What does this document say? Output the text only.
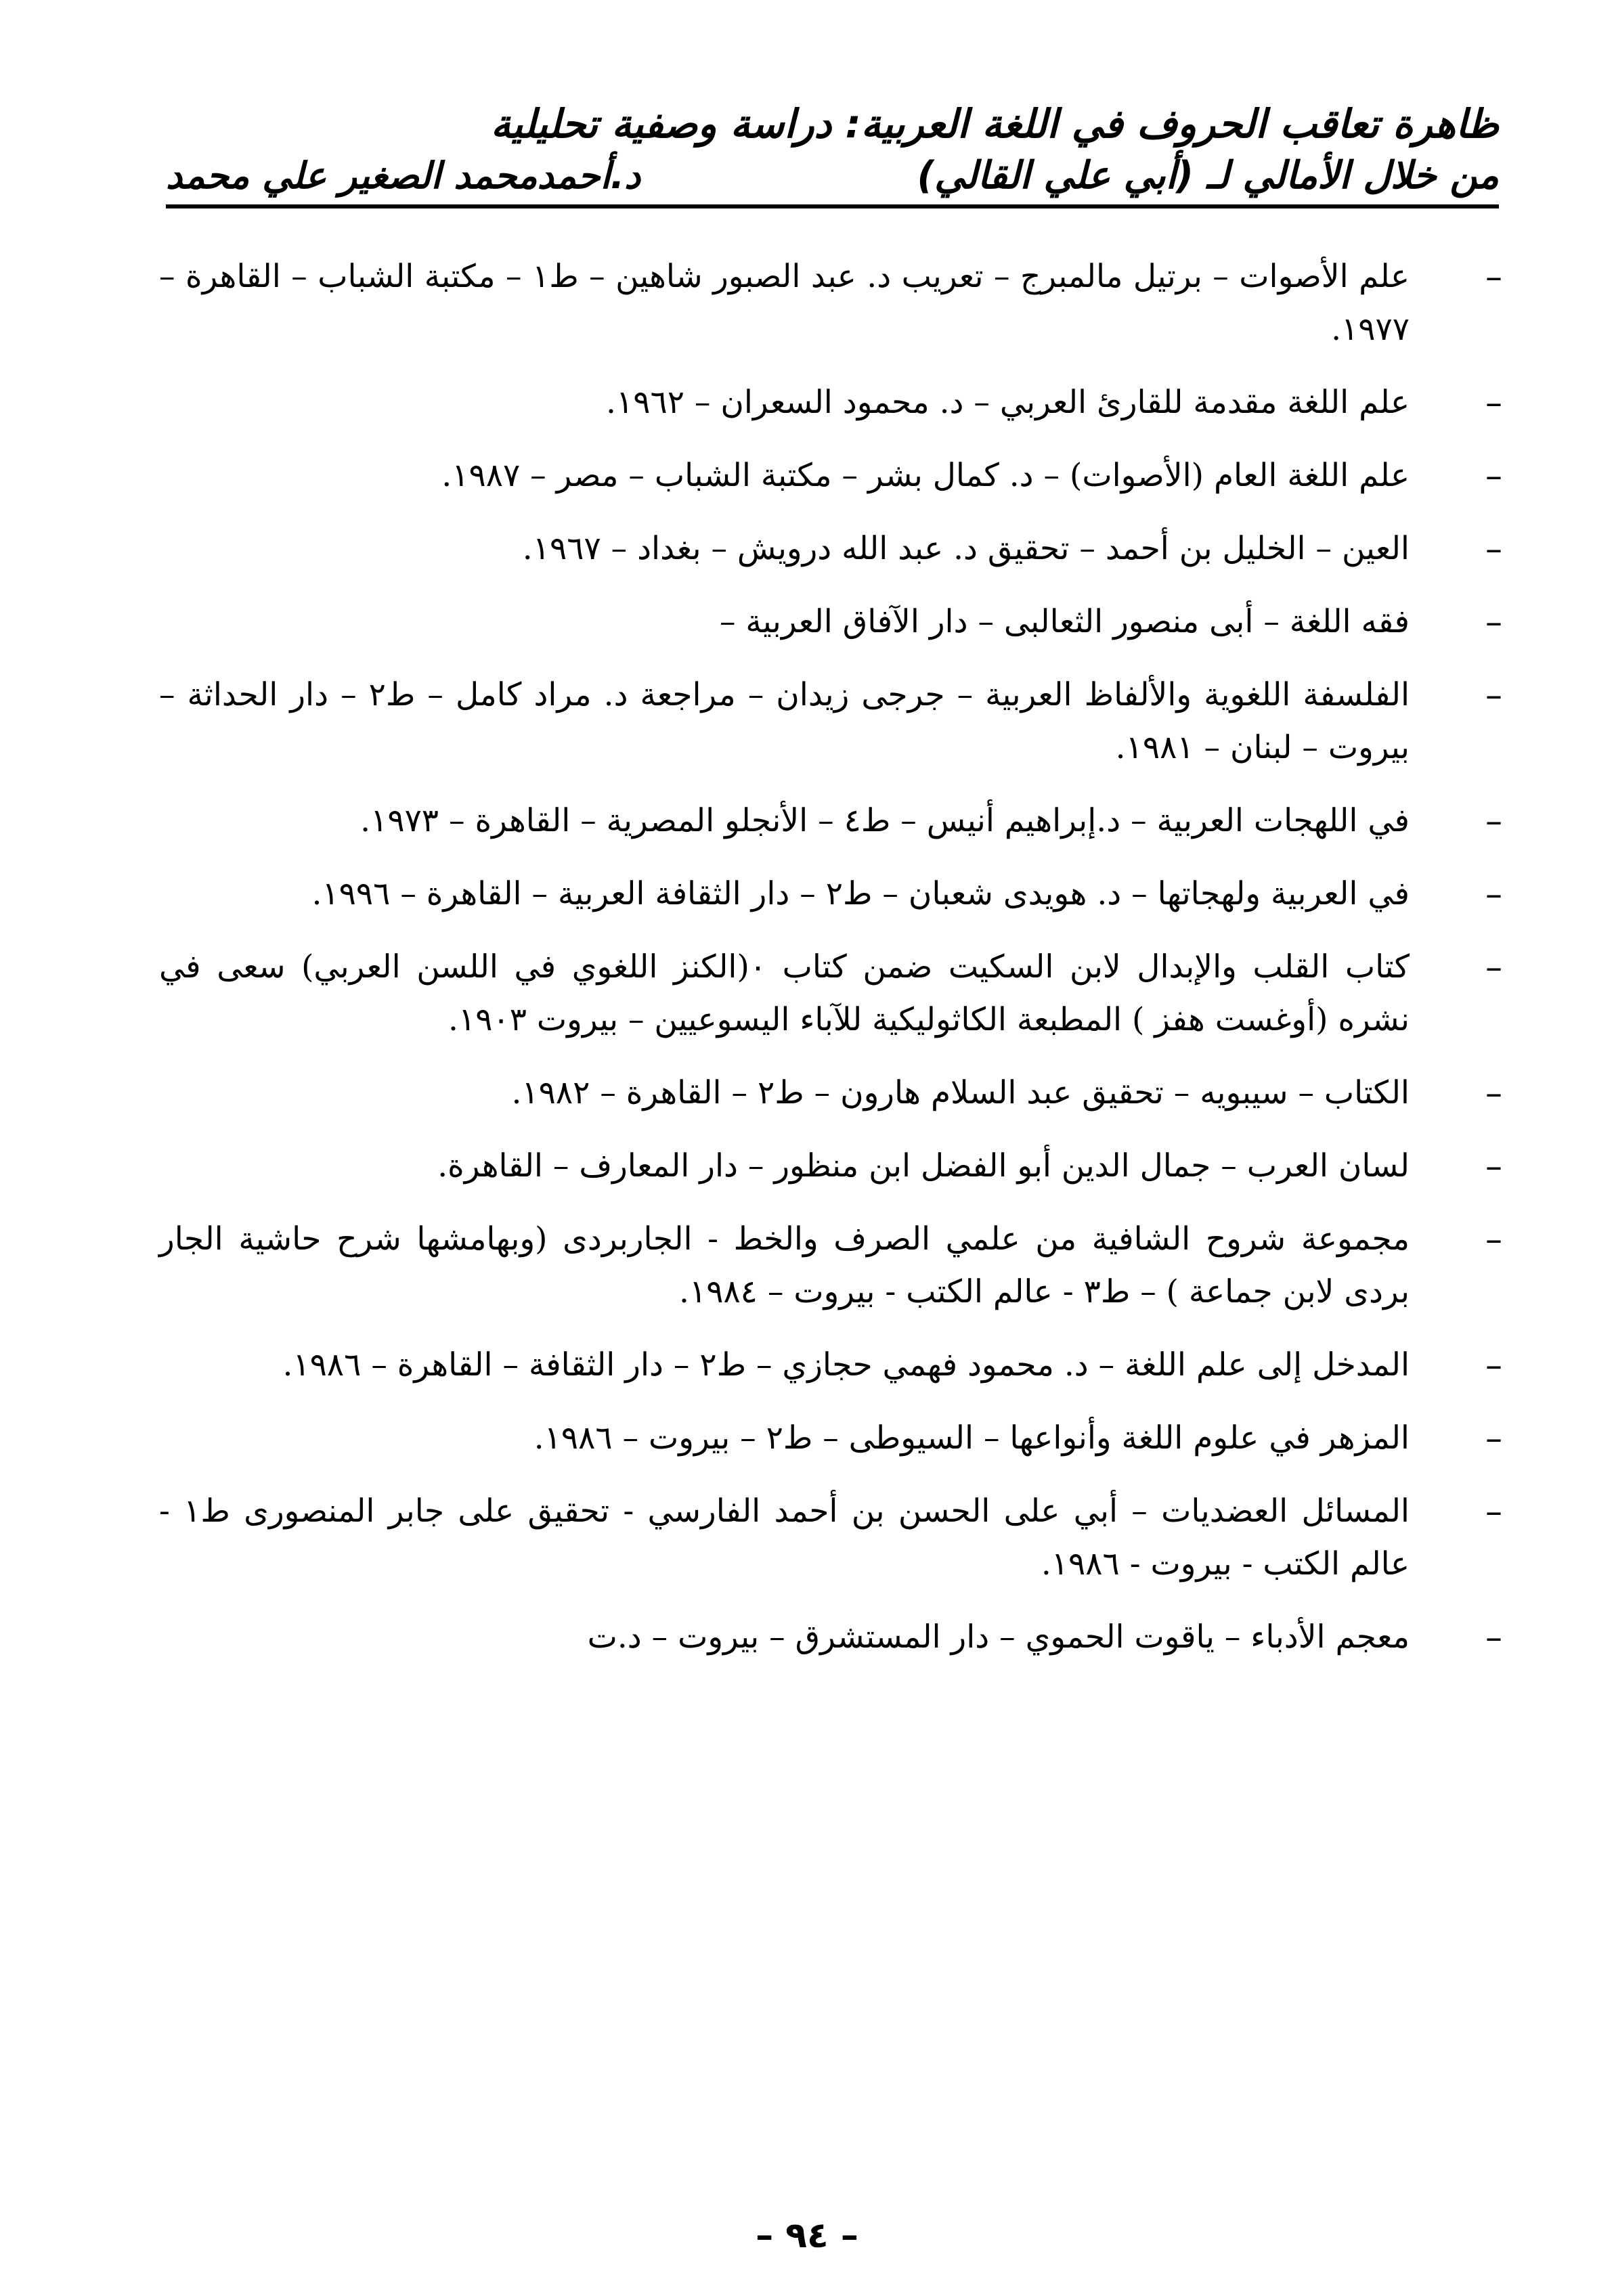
ظاهرة تعاقب الحروف في اللغة العربية: دراسة وصفية تحليلية
من خلال الأمالي لـ (أبي علي القالي)
د.أحمدمحمد الصغير علي محمد
–
علم الأصوات – برتيل مالمبرج – تعريب د. عبد الصبور شاهين – ط١ – مكتبة الشباب – القاهرة – ١٩٧٧.
–
علم اللغة مقدمة للقارئ العربي – د. محمود السعران – ١٩٦٢.
–
علم اللغة العام (الأصوات) – د. كمال بشر – مكتبة الشباب – مصر – ١٩٨٧.
–
العين – الخليل بن أحمد – تحقيق د. عبد الله درويش – بغداد – ١٩٦٧.
–
فقه اللغة – أبى منصور الثعالبى – دار الآفاق العربية –
–
الفلسفة اللغوية والألفاظ العربية – جرجى زيدان – مراجعة د. مراد كامل – ط٢ – دار الحداثة – بيروت – لبنان – ١٩٨١.
–
في اللهجات العربية – د.إبراهيم أنيس – ط٤ – الأنجلو المصرية – القاهرة – ١٩٧٣.
–
في العربية ولهجاتها – د. هويدى شعبان – ط٢ – دار الثقافة العربية – القاهرة – ١٩٩٦.
–
كتاب القلب والإبدال لابن السكيت ضمن كتاب ٠(الكنز اللغوي في اللسن العربي) سعى في نشره (أوغست هفز ) المطبعة الكاثوليكية للآباء اليسوعيين – بيروت ١٩٠٣.
–
الكتاب – سيبويه – تحقيق عبد السلام هارون – ط٢ – القاهرة – ١٩٨٢.
–
لسان العرب – جمال الدين أبو الفضل ابن منظور – دار المعارف – القاهرة.
–
مجموعة شروح الشافية من علمي الصرف والخط - الجاربردى (وبهامشها شرح حاشية الجار بردى لابن جماعة ) – ط٣ - عالم الكتب - بيروت – ١٩٨٤.
–
المدخل إلى علم اللغة – د. محمود فهمي حجازي – ط٢ – دار الثقافة – القاهرة – ١٩٨٦.
–
المزهر في علوم اللغة وأنواعها – السيوطى – ط٢ – بيروت – ١٩٨٦.
–
المسائل العضديات – أبي على الحسن بن أحمد الفارسي - تحقيق على جابر المنصورى ط١ - عالم الكتب - بيروت - ١٩٨٦.
–
معجم الأدباء – ياقوت الحموي – دار المستشرق – بيروت – د.ت
– ٩٤ –
